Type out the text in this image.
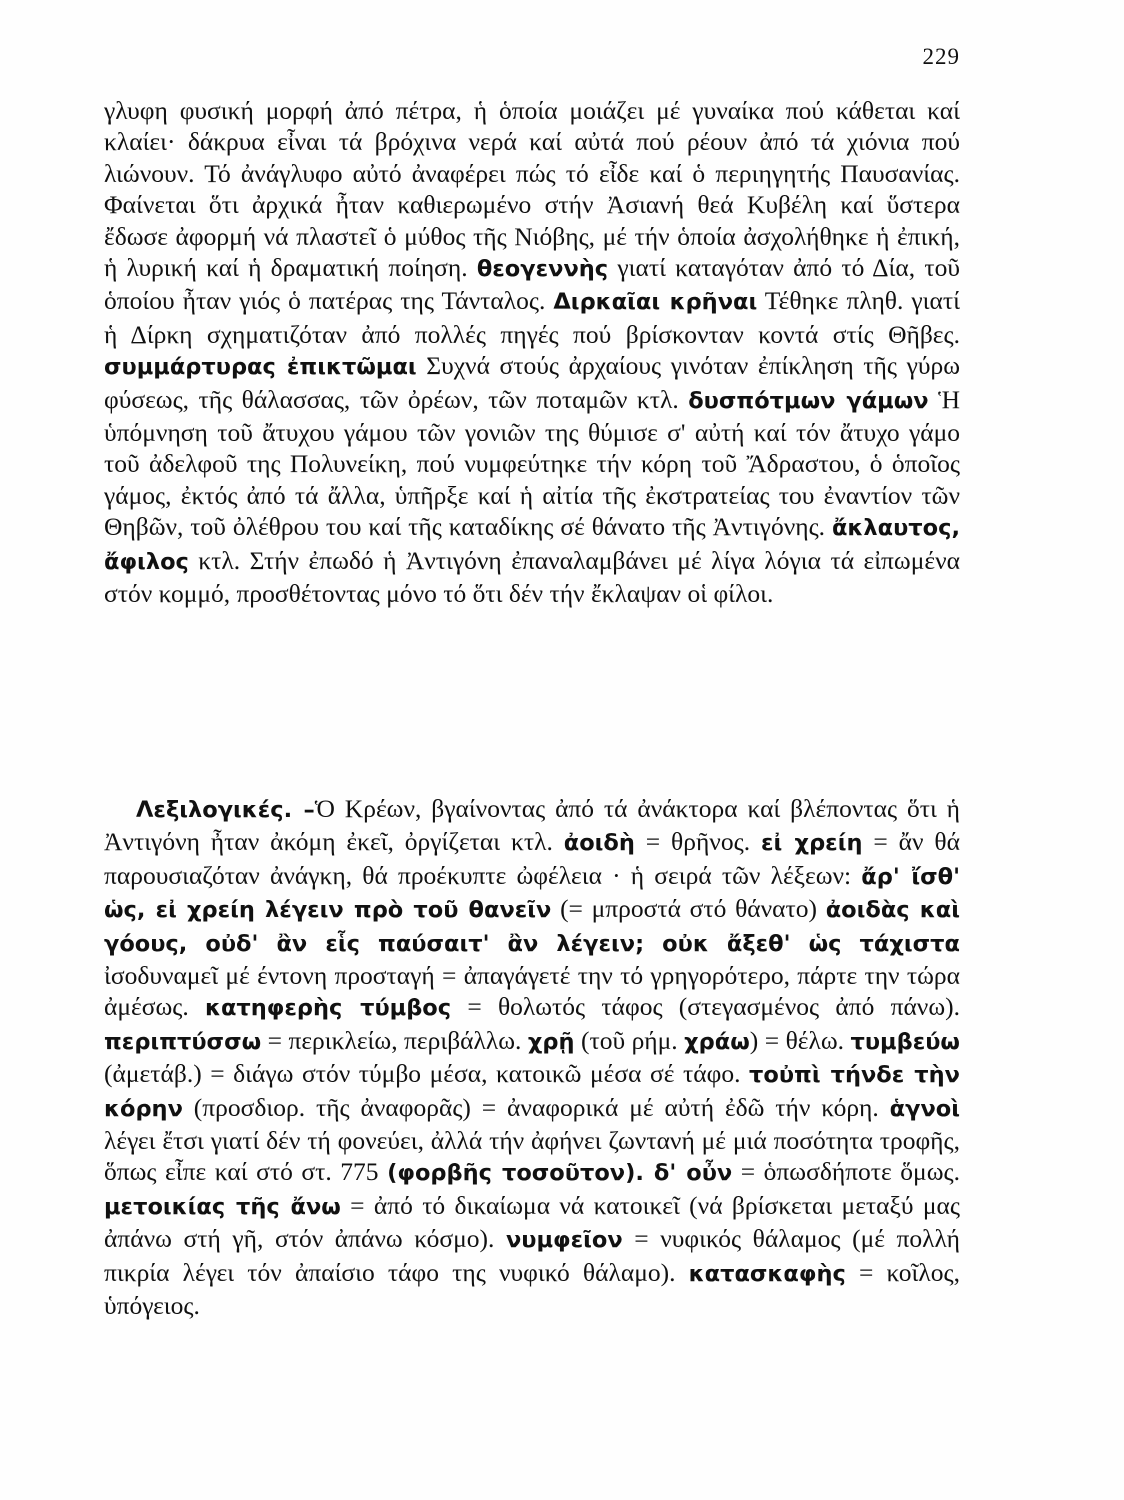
229
γλυφη φυσική μορφή ἀπό πέτρα, ἡ ὁποία μοιάζει μέ γυναίκα πού κάθεται καί κλαίει· δάκρυα εἶναι τά βρόχινα νερά καί αὐτά πού ρέουν ἀπό τά χιόνια πού λιώνουν. Τό ἀνάγλυφο αὐτό ἀναφέρει πώς τό εἶδε καί ὁ περιηγητής Παυσανίας. Φαίνεται ὅτι ἀρχικά ἦταν καθιερωμένο στήν Ἀσιανή θεά Κυβέλη καί ὕστερα ἔδωσε ἀφορμή νά πλαστεῖ ὁ μύθος τῆς Νιόβης, μέ τήν ὁποία ἀσχολήθηκε ἡ ἐπική, ἡ λυρική καί ἡ δραματική ποίηση. θεογεννὴς γιατί καταγόταν ἀπό τό Δία, τοῦ ὁποίου ἦταν γιός ὁ πατέρας της Τάνταλος. Διρκαῖαι κρῆναι Τέθηκε πληθ. γιατί ἡ Δίρκη σχηματιζόταν ἀπό πολλές πηγές πού βρίσκονταν κοντά στίς Θῆβες. συμμάρτυρας ἐπικτῶμαι Συχνά στούς ἀρχαίους γινόταν ἐπίκληση τῆς γύρω φύσεως, τῆς θάλασσας, τῶν ὀρέων, τῶν ποταμῶν κτλ. δυσπότμων γάμων Ἡ ὑπόμνηση τοῦ ἄτυχου γάμου τῶν γονιῶν της θύμισε σ' αὐτή καί τόν ἄτυχο γάμο τοῦ ἀδελφοῦ της Πολυνείκη, πού νυμφεύτηκε τήν κόρη τοῦ Ἄδραστου, ὁ ὁποῖος γάμος, ἐκτός ἀπό τά ἄλλα, ὑπῆρξε καί ἡ αἰτία τῆς ἐκστρατείας του ἐναντίον τῶν Θηβῶν, τοῦ ὀλέθρου του καί τῆς καταδίκης σέ θάνατο τῆς Ἀντιγόνης. ἄκλαυτος, ἄφιλος κτλ. Στήν ἐπωδό ἡ Ἀντιγόνη ἐπαναλαμβάνει μέ λίγα λόγια τά εἰπωμένα στόν κομμό, προσθέτοντας μόνο τό ὅτι δέν τήν ἔκλαψαν οἱ φίλοι.
Λεξιλογικές. –Ὁ Κρέων, βγαίνοντας ἀπό τά ἀνάκτορα καί βλέποντας ὅτι ἡ Ἀντιγόνη ἦταν ἀκόμη ἐκεῖ, ὀργίζεται κτλ. ἀοιδὴ = θρῆνος. εἰ χρείη = ἄν θά παρουσιαζόταν ἀνάγκη, θά προέκυπτε ὠφέλεια · ἡ σειρά τῶν λέξεων: ἄρ' ἴσθ' ὡς, εἰ χρείη λέγειν πρὸ τοῦ θανεῖν (= μπροστά στό θάνατο) ἀοιδὰς καὶ γόους, οὐδ' ἂν εἷς παύσαιτ' ἂν λέγειν; οὐκ ἄξεθ' ὡς τάχιστα ἰσοδυναμεῖ μέ έντονη προσταγή = ἀπαγάγετέ την τό γρηγορότερο, πάρτε την τώρα ἀμέσως. κατηφερὴς τύμβος = θολωτός τάφος (στεγασμένος ἀπό πάνω). περιπτύσσω = περικλείω, περιβάλλω. χρῇ (τοῦ ρήμ. χράω) = θέλω. τυμβεύω (ἀμετάβ.) = διάγω στόν τύμβο μέσα, κατοικῶ μέσα σέ τάφο. τοὐπὶ τήνδε τὴν κόρην (προσδιορ. τῆς ἀναφορᾶς) = ἀναφορικά μέ αὐτή ἐδῶ τήν κόρη. ἁγνοὶ λέγει ἔτσι γιατί δέν τή φονεύει, ἀλλά τήν ἀφήνει ζωντανή μέ μιά ποσότητα τροφῆς, ὅπως εἶπε καί στό στ. 775 (φορβῆς τοσοῦτον). δ' οὖν = ὁπωσδήποτε ὅμως. μετοικίας τῆς ἄνω = ἀπό τό δικαίωμα νά κατοικεῖ (νά βρίσκεται μεταξύ μας ἀπάνω στή γῆ, στόν ἀπάνω κόσμο). νυμφεῖον = νυφικός θάλαμος (μέ πολλή πικρία λέγει τόν ἀπαίσιο τάφο της νυφικό θάλαμο). κατασκαφὴς = κοῖλος, ὑπόγειος.
